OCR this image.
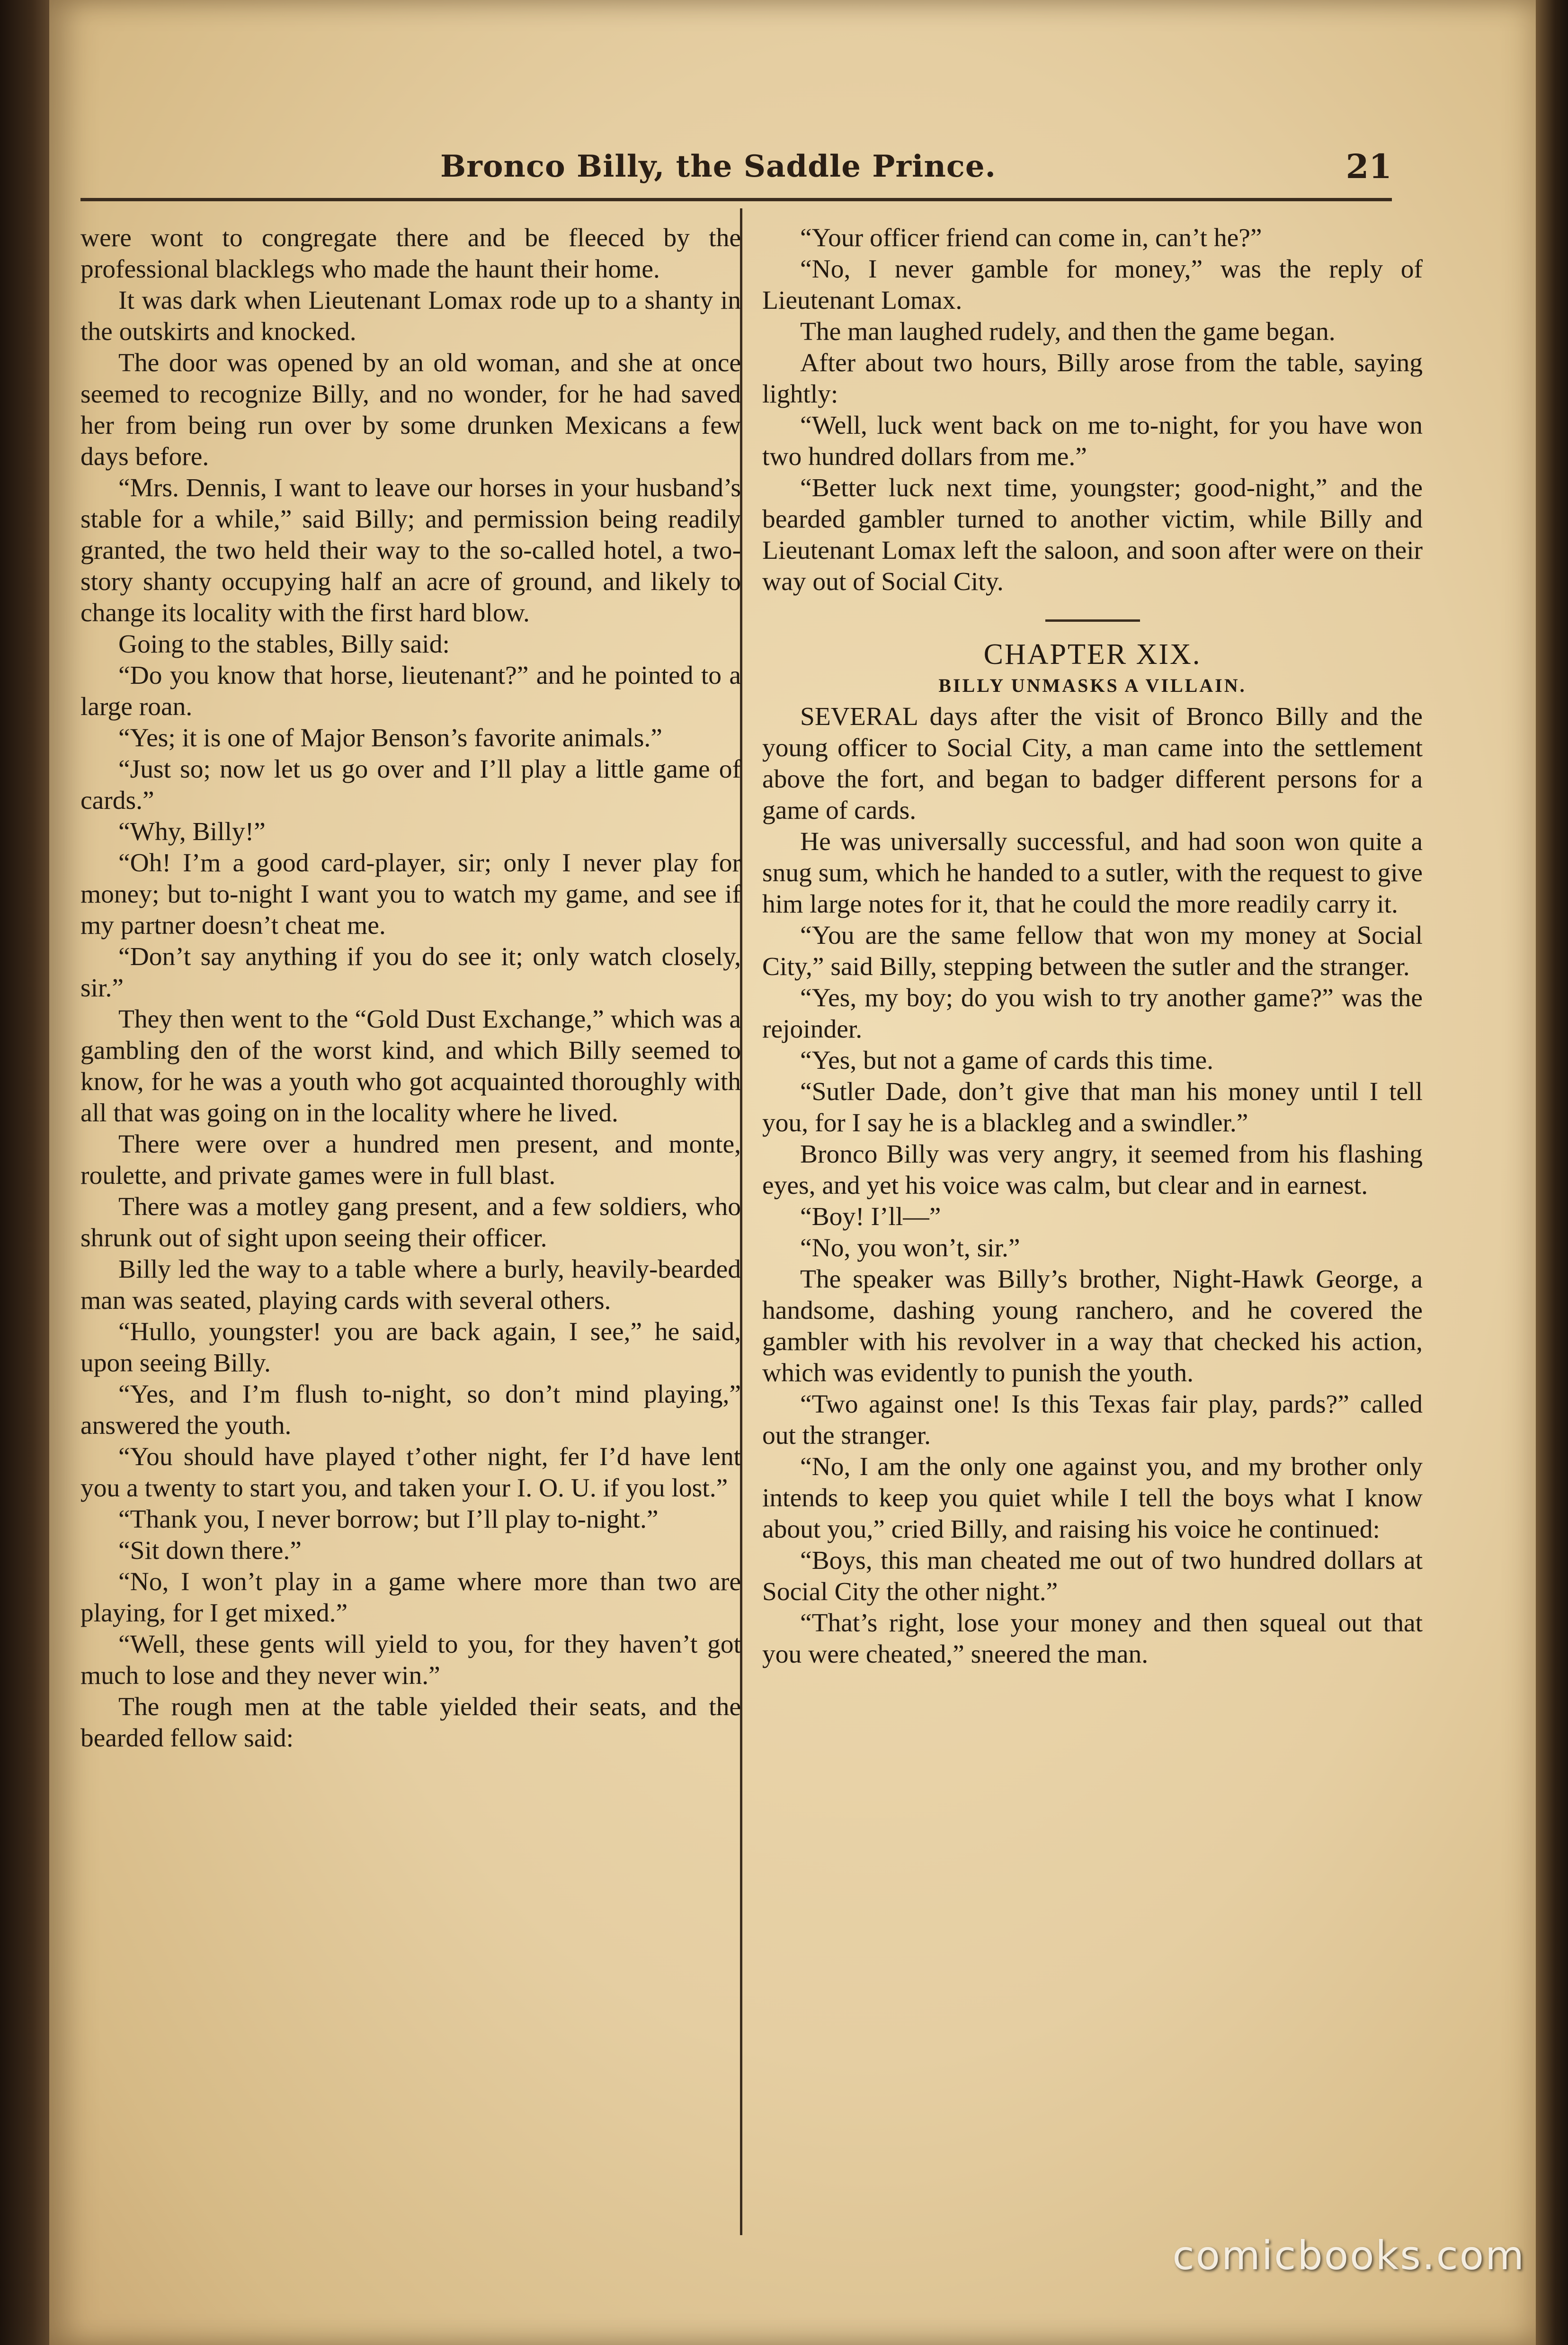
Bronco Billy, the Saddle Prince.	21

were wont to congregate there and be fleeced by the professional blacklegs who made the haunt their home.

It was dark when Lieutenant Lomax rode up to a shanty in the outskirts and knocked.

The door was opened by an old woman, and she at once seemed to recognize Billy, and no wonder, for he had saved her from being run over by some drunken Mexicans a few days before.

“Mrs. Dennis, I want to leave our horses in your husband’s stable for a while,” said Billy; and permission being readily granted, the two held their way to the so-called hotel, a two-story shanty occupying half an acre of ground, and likely to change its locality with the first hard blow.

Going to the stables, Billy said:

“Do you know that horse, lieutenant?” and he pointed to a large roan.

“Yes; it is one of Major Benson’s favorite animals.”

“Just so; now let us go over and I’ll play a little game of cards.”

“Why, Billy!”

“Oh! I’m a good card-player, sir; only I never play for money; but to-night I want you to watch my game, and see if my partner doesn’t cheat me.

“Don’t say anything if you do see it; only watch closely, sir.”

They then went to the “Gold Dust Exchange,” which was a gambling den of the worst kind, and which Billy seemed to know, for he was a youth who got acquainted thoroughly with all that was going on in the locality where he lived.

There were over a hundred men present, and monte, roulette, and private games were in full blast.

There was a motley gang present, and a few soldiers, who shrunk out of sight upon seeing their officer.

Billy led the way to a table where a burly, heavily-bearded man was seated, playing cards with several others.

“Hullo, youngster! you are back again, I see,” he said, upon seeing Billy.

“Yes, and I’m flush to-night, so don’t mind playing,” answered the youth.

“You should have played t’other night, fer I’d have lent you a twenty to start you, and taken your I. O. U. if you lost.”

“Thank you, I never borrow; but I’ll play to-night.”

“Sit down there.”

“No, I won’t play in a game where more than two are playing, for I get mixed.”

“Well, these gents will yield to you, for they haven’t got much to lose and they never win.”

The rough men at the table yielded their seats, and the bearded fellow said:

“Your officer friend can come in, can’t he?”

“No, I never gamble for money,” was the reply of Lieutenant Lomax.

The man laughed rudely, and then the game began.

After about two hours, Billy arose from the table, saying lightly:

“Well, luck went back on me to-night, for you have won two hundred dollars from me.”

“Better luck next time, youngster; good-night,” and the bearded gambler turned to another victim, while Billy and Lieutenant Lomax left the saloon, and soon after were on their way out of Social City.

CHAPTER XIX.

BILLY UNMASKS A VILLAIN.

SEVERAL days after the visit of Bronco Billy and the young officer to Social City, a man came into the settlement above the fort, and began to badger different persons for a game of cards.

He was universally successful, and had soon won quite a snug sum, which he handed to a sutler, with the request to give him large notes for it, that he could the more readily carry it.

“You are the same fellow that won my money at Social City,” said Billy, stepping between the sutler and the stranger.

“Yes, my boy; do you wish to try another game?” was the rejoinder.

“Yes, but not a game of cards this time.

“Sutler Dade, don’t give that man his money until I tell you, for I say he is a blackleg and a swindler.”

Bronco Billy was very angry, it seemed from his flashing eyes, and yet his voice was calm, but clear and in earnest.

“Boy! I’ll—”

“No, you won’t, sir.”

The speaker was Billy’s brother, Night-Hawk George, a handsome, dashing young ranchero, and he covered the gambler with his revolver in a way that checked his action, which was evidently to punish the youth.

“Two against one! Is this Texas fair play, pards?” called out the stranger.

“No, I am the only one against you, and my brother only intends to keep you quiet while I tell the boys what I know about you,” cried Billy, and raising his voice he continued:

“Boys, this man cheated me out of two hundred dollars at Social City the other night.”

“That’s right, lose your money and then squeal out that you were cheated,” sneered the man.

comicbooks.com
